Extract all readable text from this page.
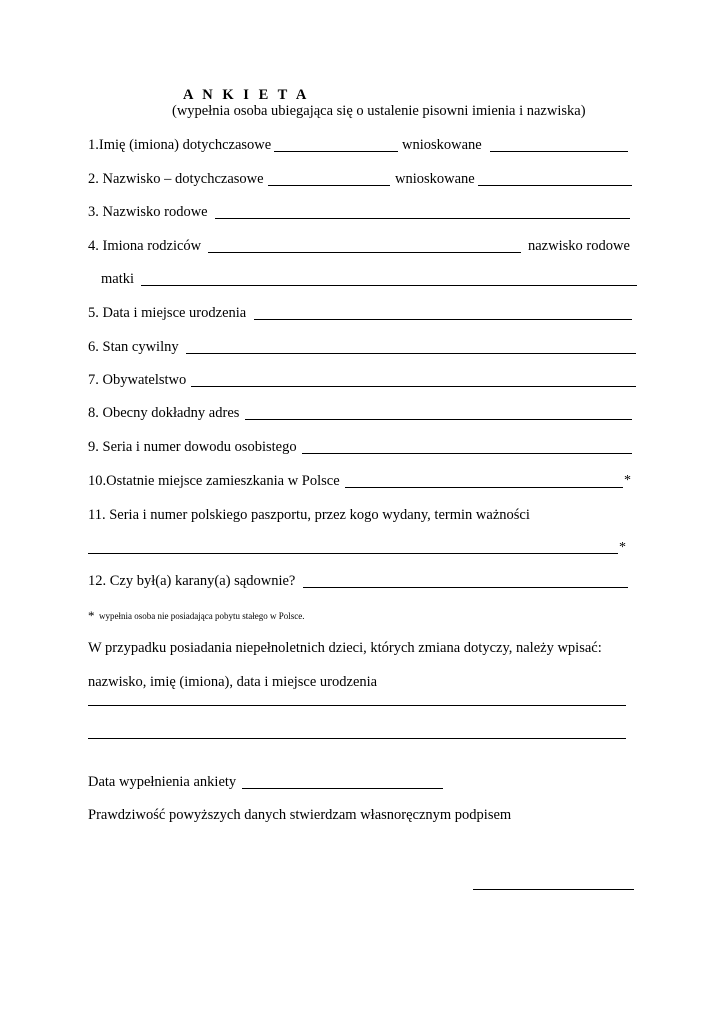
A N K I E T A
(wypełnia osoba ubiegająca się o ustalenie pisowni imienia i nazwiska)
1.Imię (imiona) dotychczasowe	wnioskowane
2. Nazwisko – dotychczasowe	wnioskowane
3. Nazwisko rodowe
4. Imiona rodziców	nazwisko rodowe
matki
5. Data i miejsce urodzenia
6. Stan cywilny
7. Obywatelstwo
8. Obecny dokładny adres
9. Seria i numer dowodu osobistego
10.Ostatnie miejsce zamieszkania w Polsce	*
11. Seria i numer polskiego paszportu, przez kogo wydany, termin ważności
*
12. Czy był(a) karany(a) sądownie?
* wypełnia osoba nie posiadająca pobytu stałego w Polsce.
W przypadku posiadania niepełnoletnich dzieci, których zmiana dotyczy, należy wpisać:
nazwisko, imię (imiona), data i miejsce urodzenia
Data wypełnienia ankiety
Prawdziwość powyższych danych stwierdzam własnoręcznym podpisem
